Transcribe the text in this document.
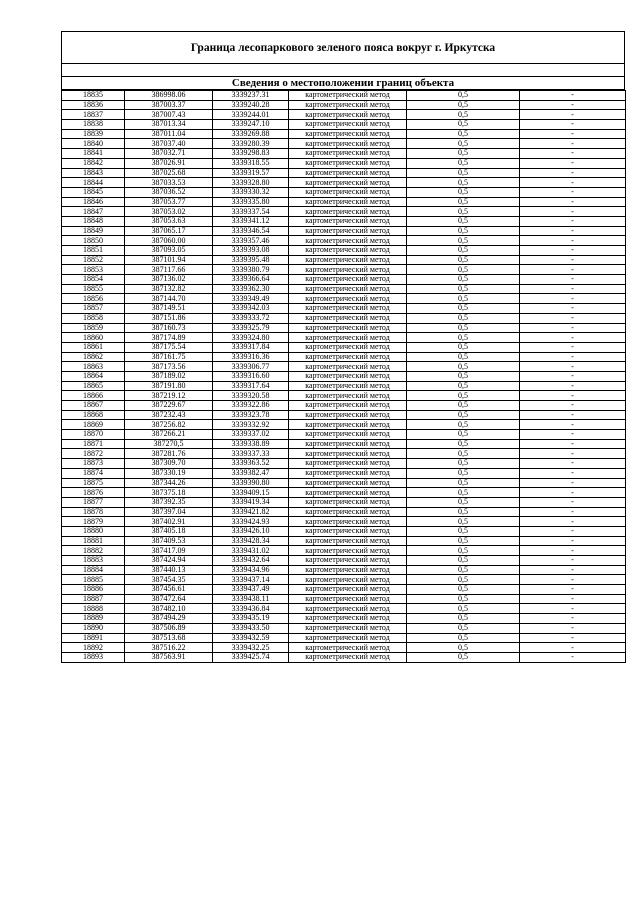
Граница лесопаркового зеленого пояса вокруг г. Иркутска
Сведения о местоположении границ объекта
18835	386998.06	3339237.31	картометрический метод	0,5	-
18836	387003.37	3339240.28	картометрический метод	0,5	-
18837	387007.43	3339244.01	картометрический метод	0,5	-
18838	387013.34	3339247.10	картометрический метод	0,5	-
18839	387011.04	3339269.88	картометрический метод	0,5	-
18840	387037.40	3339280.39	картометрический метод	0,5	-
18841	387032.71	3339298.83	картометрический метод	0,5	-
18842	387026.91	3339318.55	картометрический метод	0,5	-
18843	387025.68	3339319.57	картометрический метод	0,5	-
18844	387033.53	3339328.80	картометрический метод	0,5	-
18845	387036.52	3339330.32	картометрический метод	0,5	-
18846	387053.77	3339335.80	картометрический метод	0,5	-
18847	387053.02	3339337.54	картометрический метод	0,5	-
18848	387053.63	3339341.12	картометрический метод	0,5	-
18849	387065.17	3339346.54	картометрический метод	0,5	-
18850	387060.00	3339357.46	картометрический метод	0,5	-
18851	387093.05	3339393.08	картометрический метод	0,5	-
18852	387101.94	3339395.48	картометрический метод	0,5	-
18853	387117.66	3339380.79	картометрический метод	0,5	-
18854	387136.02	3339366.64	картометрический метод	0,5	-
18855	387132.82	3339362.30	картометрический метод	0,5	-
18856	387144.70	3339349.49	картометрический метод	0,5	-
18857	387149.51	3339342.03	картометрический метод	0,5	-
18858	387151.86	3339333.72	картометрический метод	0,5	-
18859	387160.73	3339325.79	картометрический метод	0,5	-
18860	387174.89	3339324.80	картометрический метод	0,5	-
18861	387175.54	3339317.84	картометрический метод	0,5	-
18862	387161.75	3339316.36	картометрический метод	0,5	-
18863	387173.56	3339306.77	картометрический метод	0,5	-
18864	387189.02	3339316.60	картометрический метод	0,5	-
18865	387191.80	3339317.64	картометрический метод	0,5	-
18866	387219.12	3339320.58	картометрический метод	0,5	-
18867	387229.67	3339322.86	картометрический метод	0,5	-
18868	387232.43	3339323.78	картометрический метод	0,5	-
18869	387256.82	3339332.92	картометрический метод	0,5	-
18870	387266.21	3339337.02	картометрический метод	0,5	-
18871	387270,5	3339338.89	картометрический метод	0,5	-
18872	387281.76	3339337.33	картометрический метод	0,5	-
18873	387309.70	3339363.52	картометрический метод	0,5	-
18874	387330.19	3339382.47	картометрический метод	0,5	-
18875	387344.26	3339390.80	картометрический метод	0,5	-
18876	387375.18	3339409.15	картометрический метод	0,5	-
18877	387392.35	3339419.34	картометрический метод	0,5	-
18878	387397.04	3339421.82	картометрический метод	0,5	-
18879	387402.91	3339424.93	картометрический метод	0,5	-
18880	387405.18	3339426.10	картометрический метод	0,5	-
18881	387409.53	3339428.34	картометрический метод	0,5	-
18882	387417.09	3339431.02	картометрический метод	0,5	-
18883	387424.94	3339432.64	картометрический метод	0,5	-
18884	387440.13	3339434.96	картометрический метод	0,5	-
18885	387454.35	3339437.14	картометрический метод	0,5	-
18886	387456.61	3339437.49	картометрический метод	0,5	-
18887	387472.64	3339438.11	картометрический метод	0,5	-
18888	387482.10	3339436.84	картометрический метод	0,5	-
18889	387494.29	3339435.19	картометрический метод	0,5	-
18890	387506.89	3339433.50	картометрический метод	0,5	-
18891	387513.68	3339432.59	картометрический метод	0,5	-
18892	387516.22	3339432.25	картометрический метод	0,5	-
18893	387563.91	3339425.74	картометрический метод	0,5	-
